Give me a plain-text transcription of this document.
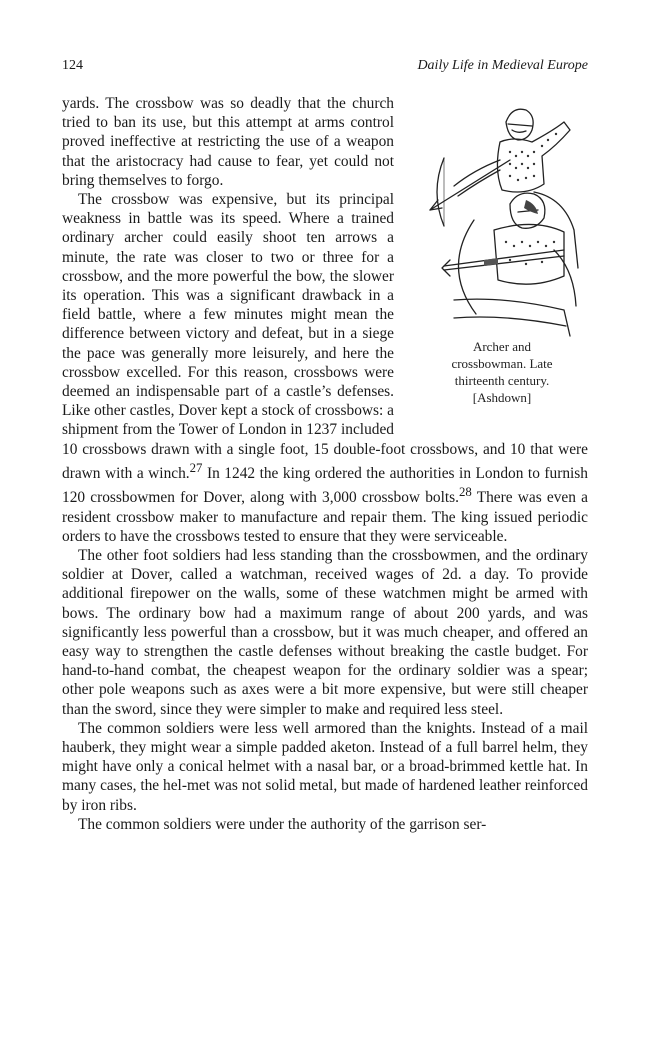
124	Daily Life in Medieval Europe
Archer and
crossbowman. Late
thirteenth century.
[Ashdown]

yards. The crossbow was so deadly that the church tried to ban its use, but this attempt at arms control proved ineffective at restricting the use of a weapon that the aristocracy had cause to fear, yet could not bring themselves to forgo.

The crossbow was expensive, but its principal weakness in battle was its speed. Where a trained ordinary archer could easily shoot ten arrows a minute, the rate was closer to two or three for a crossbow, and the more powerful the bow, the slower its operation. This was a significant drawback in a field battle, where a few minutes might mean the difference between victory and defeat, but in a siege the pace was generally more leisurely, and here the crossbow excelled. For this reason, crossbows were deemed an indispensable part of a castle’s defenses. Like other castles, Dover kept a stock of crossbows: a shipment from the Tower of London in 1237 included 10 crossbows drawn with a single foot, 15 double-foot crossbows, and 10 that were drawn with a winch.$^{27}$ In 1242 the king ordered the authorities in London to furnish 120 crossbowmen for Dover, along with 3,000 crossbow bolts.$^{28}$ There was even a resident crossbow maker to manufacture and repair them. The king issued periodic orders to have the crossbows tested to ensure that they were serviceable.

The other foot soldiers had less standing than the crossbowmen, and the ordinary soldier at Dover, called a watchman, received wages of 2d. a day. To provide additional firepower on the walls, some of these watchmen might be armed with bows. The ordinary bow had a maximum range of about 200 yards, and was significantly less powerful than a crossbow, but it was much cheaper, and offered an easy way to strengthen the castle defenses without breaking the castle budget. For hand-to-hand combat, the cheapest weapon for the ordinary soldier was a spear; other pole weapons such as axes were a bit more expensive, but were still cheaper than the sword, since they were simpler to make and required less steel.

The common soldiers were less well armored than the knights. Instead of a mail hauberk, they might wear a simple padded aketon. Instead of a full barrel helm, they might have only a conical helmet with a nasal bar, or a broad-brimmed kettle hat. In many cases, the hel-met was not solid metal, but made of hardened leather reinforced by iron ribs.

The common soldiers were under the authority of the garrison ser-
